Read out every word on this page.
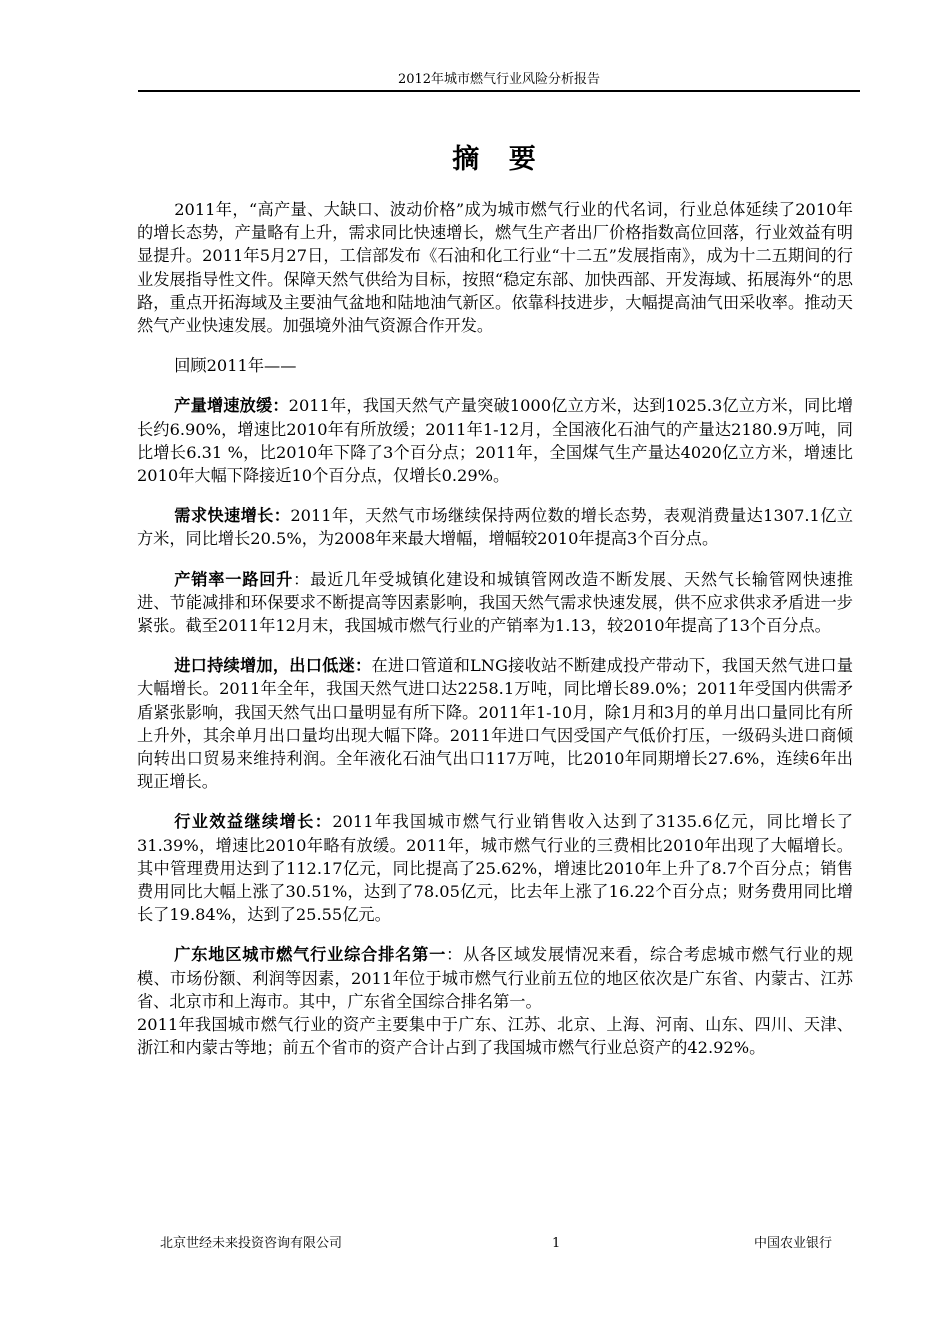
2012年城市燃气行业风险分析报告
摘 要

2011年，“高产量、大缺口、波动价格”成为城市燃气行业的代名词，行业总体延续了2010年的增长态势，产量略有上升，需求同比快速增长，燃气生产者出厂价格指数高位回落，行业效益有明显提升。2011年5月27日，工信部发布《石油和化工行业“十二五”发展指南》，成为十二五期间的行业发展指导性文件。保障天然气供给为目标，按照“稳定东部、加快西部、开发海域、拓展海外“的思路，重点开拓海域及主要油气盆地和陆地油气新区。依靠科技进步，大幅提高油气田采收率。推动天然气产业快速发展。加强境外油气资源合作开发。

回顾2011年——

产量增速放缓：2011年，我国天然气产量突破1000亿立方米，达到1025.3亿立方米，同比增长约6.90%，增速比2010年有所放缓；2011年1-12月，全国液化石油气的产量达2180.9万吨，同比增长6.31 %，比2010年下降了3个百分点；2011年，全国煤气生产量达4020亿立方米，增速比2010年大幅下降接近10个百分点，仅增长0.29%。

需求快速增长：2011年，天然气市场继续保持两位数的增长态势，表观消费量达1307.1亿立方米，同比增长20.5%，为2008年来最大增幅，增幅较2010年提高3个百分点。

产销率一路回升：最近几年受城镇化建设和城镇管网改造不断发展、天然气长输管网快速推进、节能减排和环保要求不断提高等因素影响，我国天然气需求快速发展，供不应求供求矛盾进一步紧张。截至2011年12月末，我国城市燃气行业的产销率为1.13，较2010年提高了13个百分点。

进口持续增加，出口低迷：在进口管道和LNG接收站不断建成投产带动下，我国天然气进口量大幅增长。2011年全年，我国天然气进口达2258.1万吨，同比增长89.0%；2011年受国内供需矛盾紧张影响，我国天然气出口量明显有所下降。2011年1-10月，除1月和3月的单月出口量同比有所上升外，其余单月出口量均出现大幅下降。2011年进口气因受国产气低价打压，一级码头进口商倾向转出口贸易来维持利润。全年液化石油气出口117万吨，比2010年同期增长27.6%，连续6年出现正增长。

行业效益继续增长：2011年我国城市燃气行业销售收入达到了3135.6亿元，同比增长了31.39%，增速比2010年略有放缓。2011年，城市燃气行业的三费相比2010年出现了大幅增长。其中管理费用达到了112.17亿元，同比提高了25.62%，增速比2010年上升了8.7个百分点；销售费用同比大幅上涨了30.51%，达到了78.05亿元，比去年上涨了16.22个百分点；财务费用同比增长了19.84%，达到了25.55亿元。

广东地区城市燃气行业综合排名第一：从各区域发展情况来看，综合考虑城市燃气行业的规模、市场份额、利润等因素，2011年位于城市燃气行业前五位的地区依次是广东省、内蒙古、江苏省、北京市和上海市。其中，广东省全国综合排名第一。

2011年我国城市燃气行业的资产主要集中于广东、江苏、北京、上海、河南、山东、四川、天津、浙江和内蒙古等地；前五个省市的资产合计占到了我国城市燃气行业总资产的42.92%。

北京世经未来投资咨询有限公司	1	中国农业银行
